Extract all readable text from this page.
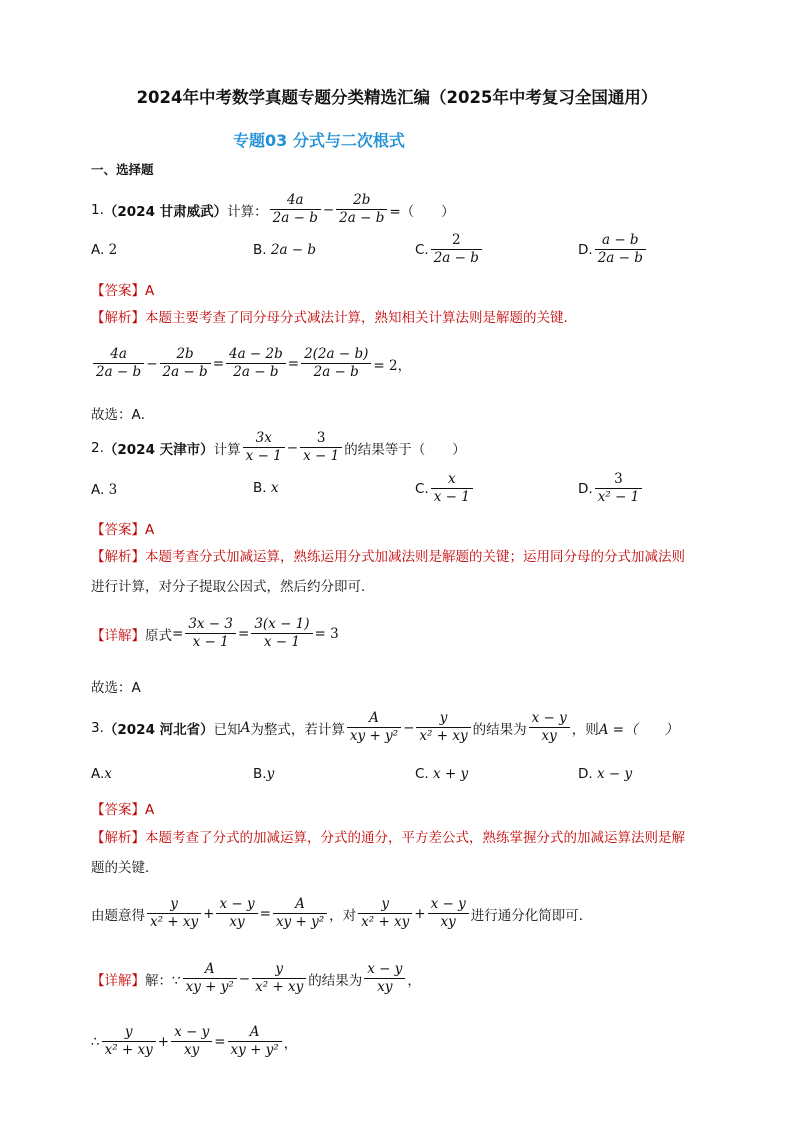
2024年中考数学真题专题分类精选汇编（2025年中考复习全国通用）
专题03 分式与二次根式
一、选择题
1. （2024 甘肃威武） 计算： $\frac{4a}{2a - b} - \frac{2b}{2a - b}$ =（　　）
A. 2	B. 2a − b	C. $\frac{2}{2a - b}$	D. $\frac{a - b}{2a - b}$
【答案】A
【解析】本题主要考查了同分母分式减法计算，熟知相关计算法则是解题的关键．
$\frac{4a}{2a - b} - \frac{2b}{2a - b} = \frac{4a - 2b}{2a - b} = \frac{2(2a - b)}{2a - b} = 2$，
故选：A．
2. （2024 天津市） 计算 $\frac{3x}{x - 1} - \frac{3}{x - 1}$ 的结果等于（　　）
A. 3	B. x	C. $\frac{x}{x - 1}$	D. $\frac{3}{\text{x² − 1}}$
【答案】A
【解析】本题考查分式加减运算，熟练运用分式加减法则是解题的关键；运用同分母的分式加减法则
进行计算，对分子提取公因式，然后约分即可．
【详解】 原式 = $\frac{3x - 3}{x - 1} = \frac{3(x - 1)}{x - 1} = 3$
故选：A
3. （2024 河北省） 已知 A 为整式，若计算 $\frac{A}{\text{xy + y²}} - \frac{y}{\text{x² + xy}}$ 的结果为 $\frac{x - y}{xy}$ ，则 A =（　　）
A.x	B.y	C. x + y	D. x − y
【答案】A
【解析】本题考查了分式的加减运算，分式的通分，平方差公式，熟练掌握分式的加减运算法则是解
题的关键．
由题意得 $\frac{y}{\text{x² + xy}} + \frac{x - y}{xy} = \frac{A}{\text{xy + y²}}$ ，对 $\frac{y}{\text{x² + xy}} + \frac{x - y}{xy}$ 进行通分化简即可．
【详解】 解：∵ $\frac{A}{\text{xy + y²}} - \frac{y}{\text{x² + xy}}$ 的结果为 $\frac{x - y}{xy}$ ，
∴ $\frac{y}{\text{x² + xy}} + \frac{x - y}{xy} = \frac{A}{\text{xy + y²}}$ ，
